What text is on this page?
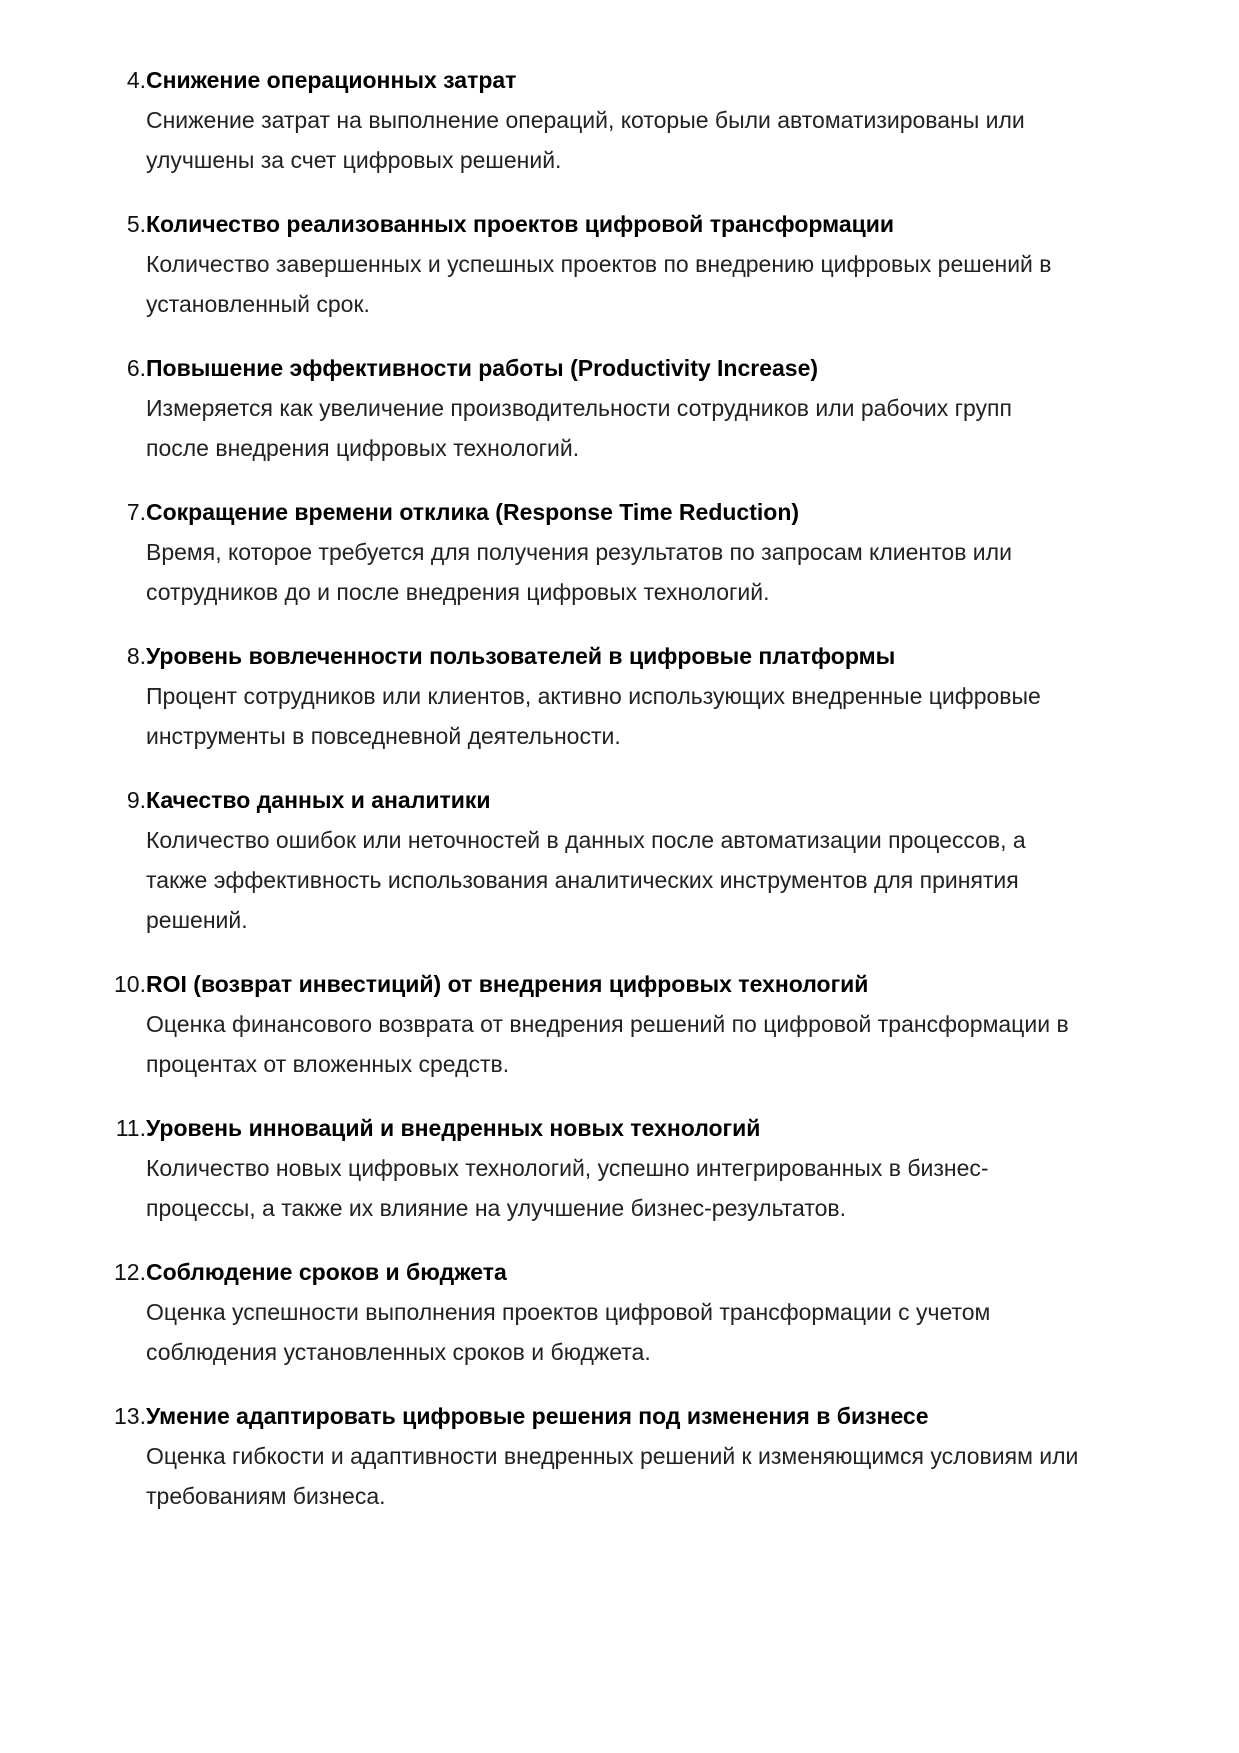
4. Снижение операционных затрат
Снижение затрат на выполнение операций, которые были автоматизированы или
улучшены за счет цифровых решений.
5. Количество реализованных проектов цифровой трансформации
Количество завершенных и успешных проектов по внедрению цифровых решений в
установленный срок.
6. Повышение эффективности работы (Productivity Increase)
Измеряется как увеличение производительности сотрудников или рабочих групп
после внедрения цифровых технологий.
7. Сокращение времени отклика (Response Time Reduction)
Время, которое требуется для получения результатов по запросам клиентов или
сотрудников до и после внедрения цифровых технологий.
8. Уровень вовлеченности пользователей в цифровые платформы
Процент сотрудников или клиентов, активно использующих внедренные цифровые
инструменты в повседневной деятельности.
9. Качество данных и аналитики
Количество ошибок или неточностей в данных после автоматизации процессов, а
также эффективность использования аналитических инструментов для принятия
решений.
10. ROI (возврат инвестиций) от внедрения цифровых технологий
Оценка финансового возврата от внедрения решений по цифровой трансформации в
процентах от вложенных средств.
11. Уровень инноваций и внедренных новых технологий
Количество новых цифровых технологий, успешно интегрированных в бизнес-
процессы, а также их влияние на улучшение бизнес-результатов.
12. Соблюдение сроков и бюджета
Оценка успешности выполнения проектов цифровой трансформации с учетом
соблюдения установленных сроков и бюджета.
13. Умение адаптировать цифровые решения под изменения в бизнесе
Оценка гибкости и адаптивности внедренных решений к изменяющимся условиям или
требованиям бизнеса.
